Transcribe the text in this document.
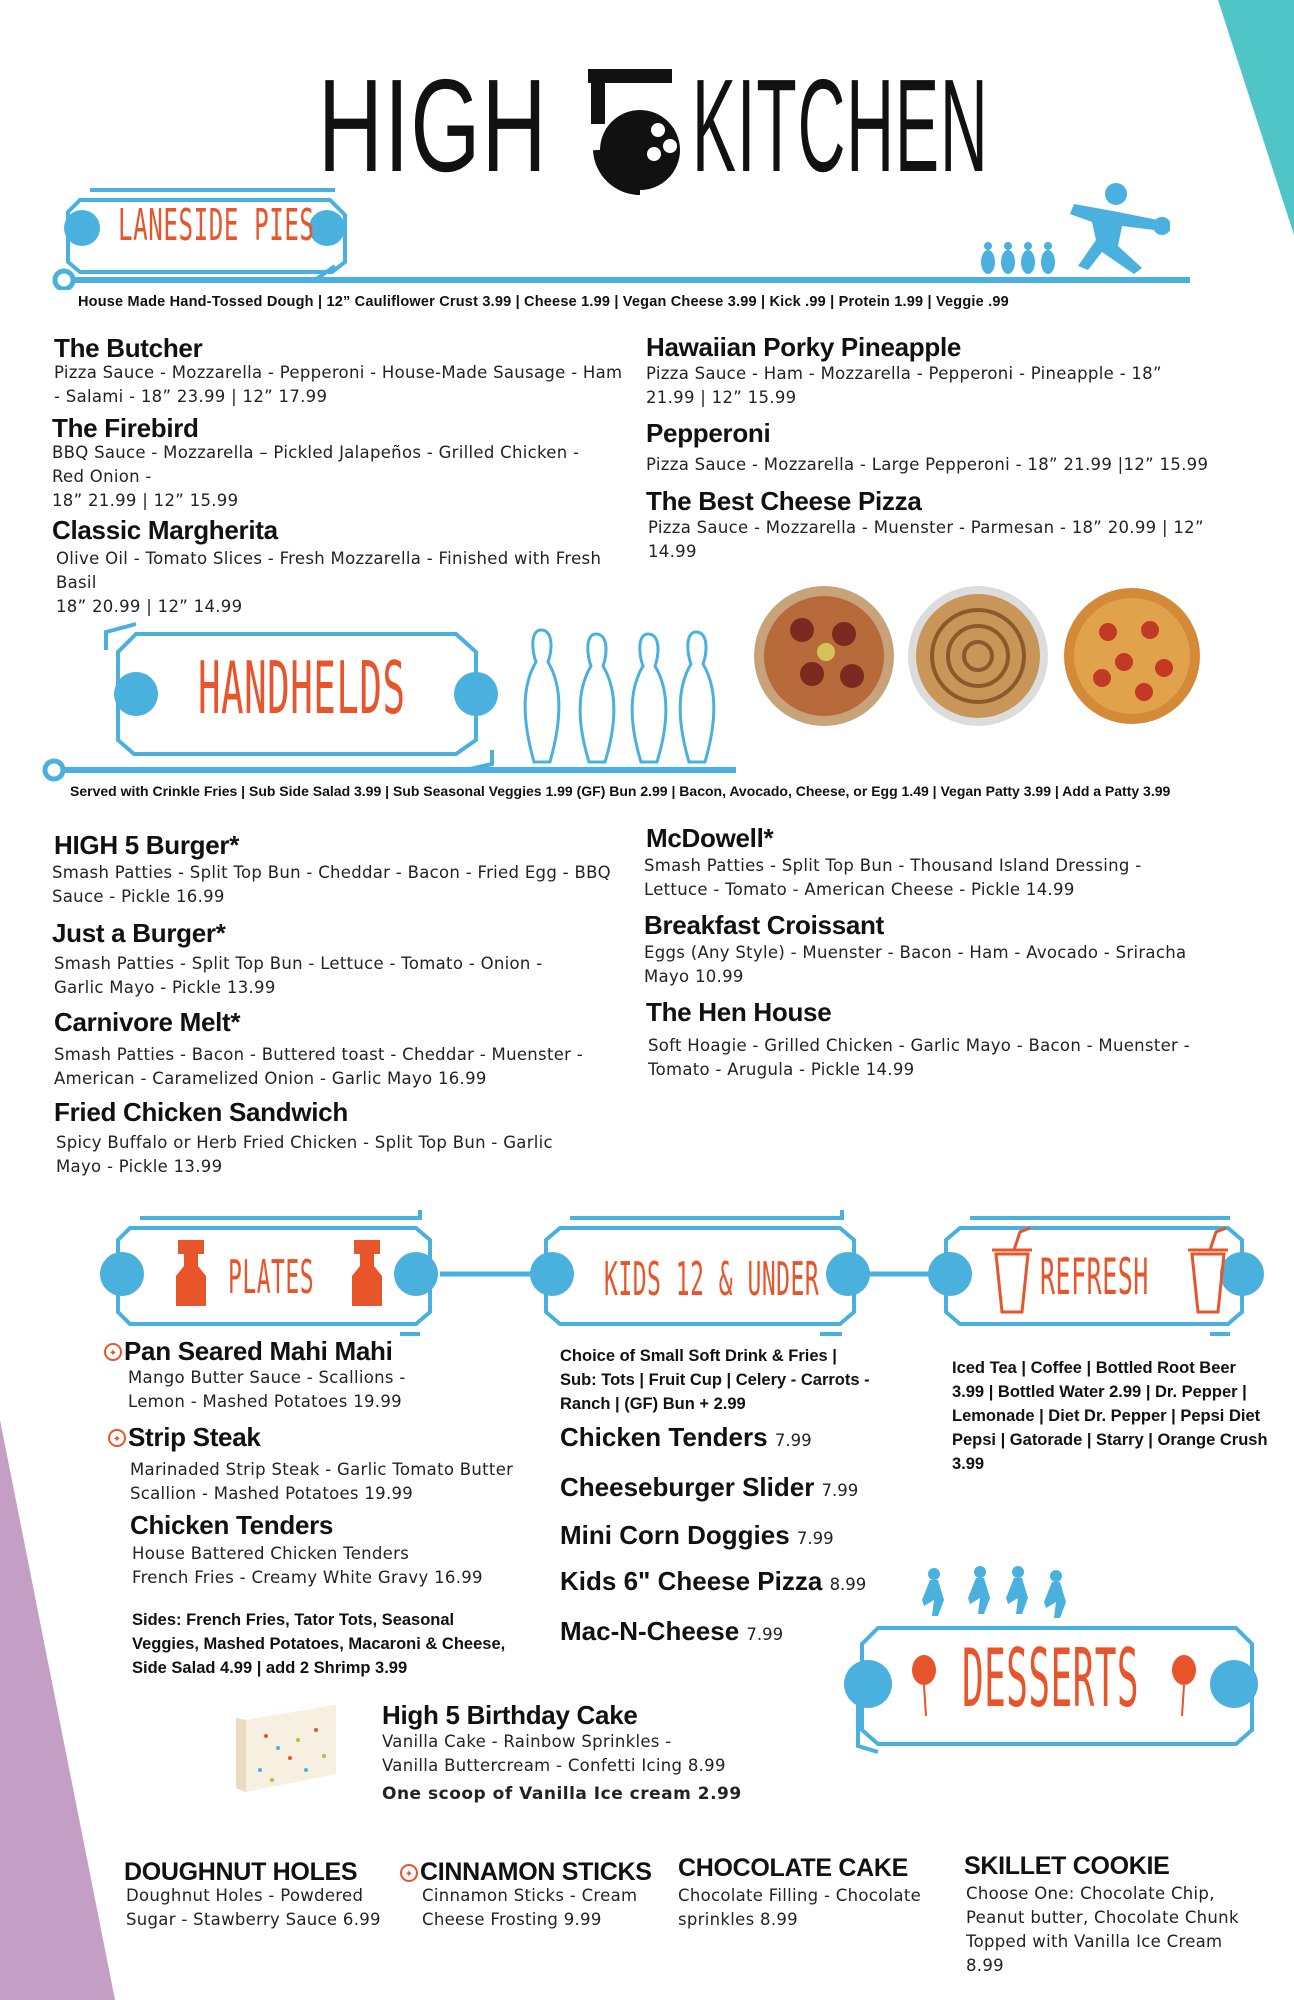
HIGH KITCHEN
LANESIDE PIES
House Made Hand-Tossed Dough | 12” Cauliflower Crust 3.99 | Cheese 1.99 | Vegan Cheese 3.99 | Kick .99 | Protein 1.99 | Veggie .99
The Butcher
Pizza Sauce - Mozzarella - Pepperoni - House-Made Sausage - Ham - Salami - 18” 23.99 | 12” 17.99
The Firebird
BBQ Sauce - Mozzarella – Pickled Jalapeños - Grilled Chicken - Red Onion -
18” 21.99 | 12” 15.99
Classic Margherita
Olive Oil - Tomato Slices - Fresh Mozzarella - Finished with Fresh Basil
18” 20.99 | 12” 14.99
Hawaiian Porky Pineapple
Pizza Sauce - Ham - Mozzarella - Pepperoni - Pineapple - 18” 21.99 | 12” 15.99
Pepperoni
Pizza Sauce - Mozzarella - Large Pepperoni - 18” 21.99 |12” 15.99
The Best Cheese Pizza
Pizza Sauce - Mozzarella - Muenster - Parmesan - 18” 20.99 | 12” 14.99
HANDHELDS
Served with Crinkle Fries | Sub Side Salad 3.99 | Sub Seasonal Veggies 1.99 (GF) Bun 2.99 | Bacon, Avocado, Cheese, or Egg 1.49 | Vegan Patty 3.99 | Add a Patty 3.99
HIGH 5 Burger*
Smash Patties - Split Top Bun - Cheddar - Bacon - Fried Egg - BBQ Sauce - Pickle 16.99
Just a Burger*
Smash Patties - Split Top Bun - Lettuce - Tomato - Onion - Garlic Mayo - Pickle 13.99
Carnivore Melt*
Smash Patties - Bacon - Buttered toast - Cheddar - Muenster - American - Caramelized Onion - Garlic Mayo 16.99
Fried Chicken Sandwich
Spicy Buffalo or Herb Fried Chicken - Split Top Bun - Garlic Mayo - Pickle 13.99
McDowell*
Smash Patties - Split Top Bun - Thousand Island Dressing - Lettuce - Tomato - American Cheese - Pickle 14.99
Breakfast Croissant
Eggs (Any Style) - Muenster - Bacon - Ham - Avocado - Sriracha Mayo 10.99
The Hen House
Soft Hoagie - Grilled Chicken - Garlic Mayo - Bacon - Muenster - Tomato - Arugula - Pickle 14.99
PLATES	KIDS 12 & UNDER	REFRESH
✦ Pan Seared Mahi Mahi
Mango Butter Sauce - Scallions -
Lemon - Mashed Potatoes 19.99
✦ Strip Steak
Marinaded Strip Steak - Garlic Tomato Butter
Scallion - Mashed Potatoes 19.99
Chicken Tenders
House Battered Chicken Tenders
French Fries - Creamy White Gravy 16.99
Sides: French Fries, Tator Tots, Seasonal Veggies, Mashed Potatoes, Macaroni & Cheese, Side Salad 4.99 | add 2 Shrimp 3.99
Choice of Small Soft Drink & Fries | Sub: Tots | Fruit Cup | Celery - Carrots - Ranch | (GF) Bun + 2.99
Chicken Tenders 7.99
Cheeseburger Slider 7.99
Mini Corn Doggies 7.99
Kids 6" Cheese Pizza 8.99
Mac-N-Cheese 7.99
Iced Tea | Coffee | Bottled Root Beer 3.99 | Bottled Water 2.99 | Dr. Pepper | Lemonade | Diet Dr. Pepper | Pepsi Diet Pepsi | Gatorade | Starry | Orange Crush 3.99
DESSERTS
High 5 Birthday Cake
Vanilla Cake - Rainbow Sprinkles -
Vanilla Buttercream - Confetti Icing 8.99
One scoop of Vanilla Ice cream 2.99
DOUGHNUT HOLES
Doughnut Holes - Powdered Sugar - Stawberry Sauce 6.99
✦ CINNAMON STICKS
Cinnamon Sticks - Cream Cheese Frosting 9.99
CHOCOLATE CAKE
Chocolate Filling - Chocolate sprinkles 8.99
SKILLET COOKIE
Choose One: Chocolate Chip, Peanut butter, Chocolate Chunk Topped with Vanilla Ice Cream 8.99
